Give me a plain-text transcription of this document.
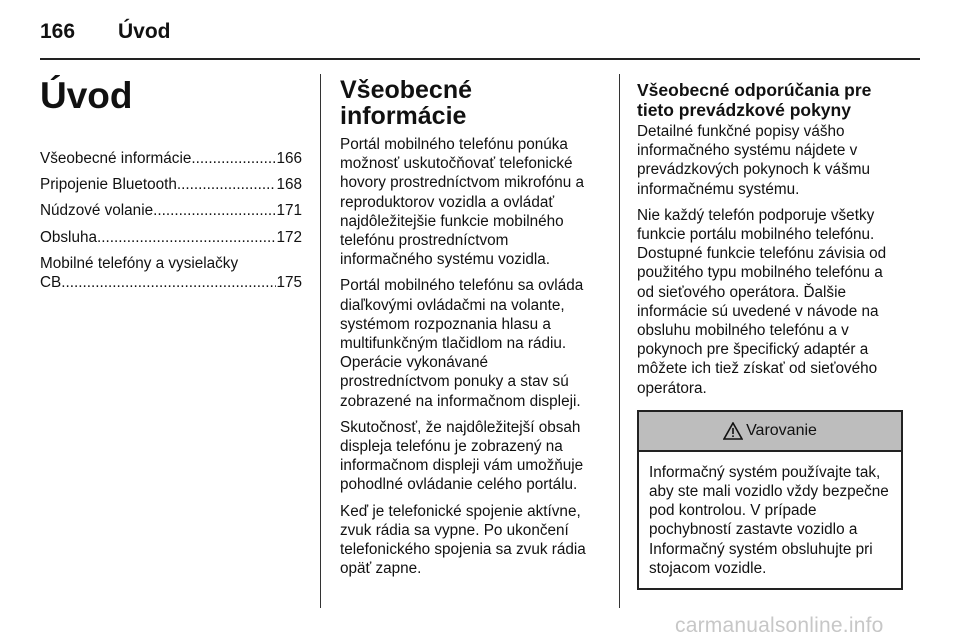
166 Úvod
Úvod
Všeobecné informácie .....	166
Pripojenie Bluetooth .....	168
Núdzové volanie .....	171
Obsluha .....	172
Mobilné telefóny a vysielačky
CB .....	175
Všeobecné informácie

Portál mobilného telefónu ponúka možnosť uskutočňovať telefonické hovory prostredníctvom mikrofónu a reproduktorov vozidla a ovládať najdôležitejšie funkcie mobilného telefónu prostredníctvom informačného systému vozidla.

Portál mobilného telefónu sa ovláda diaľkovými ovládačmi na volante, systémom rozpoznania hlasu a multifunkčným tlačidlom na rádiu. Operácie vykonávané prostredníctvom ponuky a stav sú zobrazené na informačnom displeji.

Skutočnosť, že najdôležitejší obsah displeja telefónu je zobrazený na informačnom displeji vám umožňuje pohodlné ovládanie celého portálu.

Keď je telefonické spojenie aktívne, zvuk rádia sa vypne. Po ukončení telefonického spojenia sa zvuk rádia opäť zapne.

Všeobecné odporúčania pre tieto prevádzkové pokyny

Detailné funkčné popisy vášho informačného systému nájdete v prevádzkových pokynoch k vášmu informačnému systému.

Nie každý telefón podporuje všetky funkcie portálu mobilného telefónu. Dostupné funkcie telefónu závisia od použitého typu mobilného telefónu a od sieťového operátora. Ďalšie informácie sú uvedené v návode na obsluhu mobilného telefónu a v pokynoch pre špecifický adaptér a môžete ich tiež získať od sieťového operátora.

Varovanie
Informačný systém používajte tak, aby ste mali vozidlo vždy bezpečne pod kontrolou. V prípade pochybností zastavte vozidlo a Informačný systém obsluhujte pri stojacom vozidle.
carmanualsonline.info
